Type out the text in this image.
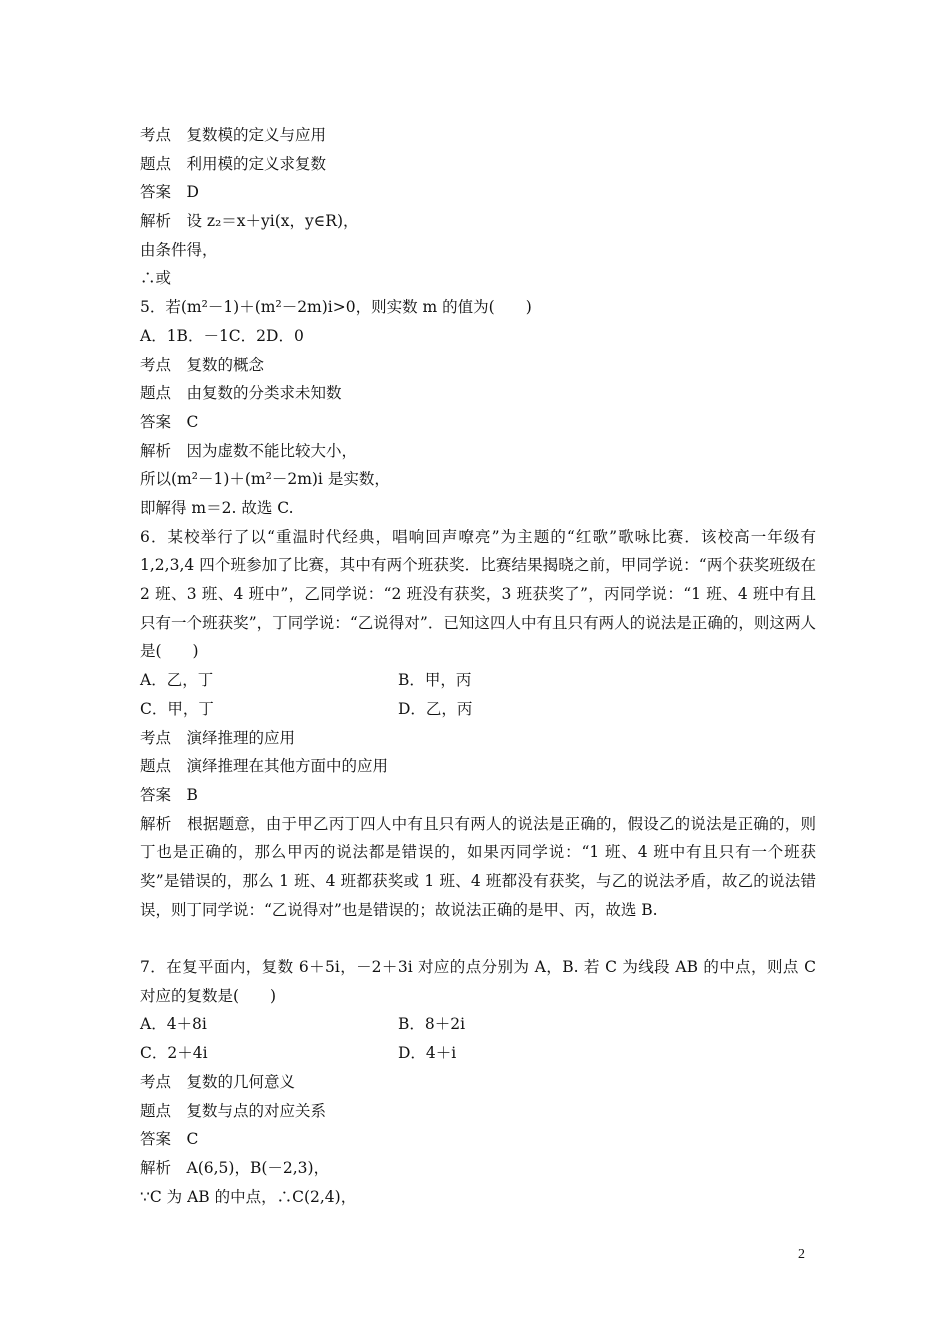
考点　复数模的定义与应用
题点　利用模的定义求复数
答案　D
解析　设 z₂＝x＋yi(x，y∈R)，
由条件得，
∴或
5．若(m²－1)＋(m²－2m)i>0，则实数 m 的值为(　　)
A．1B．－1C．2D．0
考点　复数的概念
题点　由复数的分类求未知数
答案　C
解析　因为虚数不能比较大小，
所以(m²－1)＋(m²－2m)i 是实数，
即解得 m＝2. 故选 C.
6．某校举行了以“重温时代经典，唱响回声嘹亮”为主题的“红歌”歌咏比赛．该校高一年级有 1,2,3,4 四个班参加了比赛，其中有两个班获奖．比赛结果揭晓之前，甲同学说：“两个获奖班级在 2 班、3 班、4 班中”，乙同学说：“2 班没有获奖，3 班获奖了”，丙同学说：“1 班、4 班中有且只有一个班获奖”，丁同学说：“乙说得对”．已知这四人中有且只有两人的说法是正确的，则这两人是(　　)
A．乙，丁	B．甲，丙
C．甲，丁	D．乙，丙
考点　演绎推理的应用
题点　演绎推理在其他方面中的应用
答案　B
解析　根据题意，由于甲乙丙丁四人中有且只有两人的说法是正确的，假设乙的说法是正确的，则丁也是正确的，那么甲丙的说法都是错误的，如果丙同学说：“1 班、4 班中有且只有一个班获奖”是错误的，那么 1 班、4 班都获奖或 1 班、4 班都没有获奖，与乙的说法矛盾，故乙的说法错误，则丁同学说：“乙说得对”也是错误的；故说法正确的是甲、丙，故选 B.
7．在复平面内，复数 6＋5i，－2＋3i 对应的点分别为 A，B. 若 C 为线段 AB 的中点，则点 C 对应的复数是(　　)
A．4＋8i	B．8＋2i
C．2＋4i	D．4＋i
考点　复数的几何意义
题点　复数与点的对应关系
答案　C
解析　A(6,5)，B(－2,3)，
∵C 为 AB 的中点，∴C(2,4)，
2
